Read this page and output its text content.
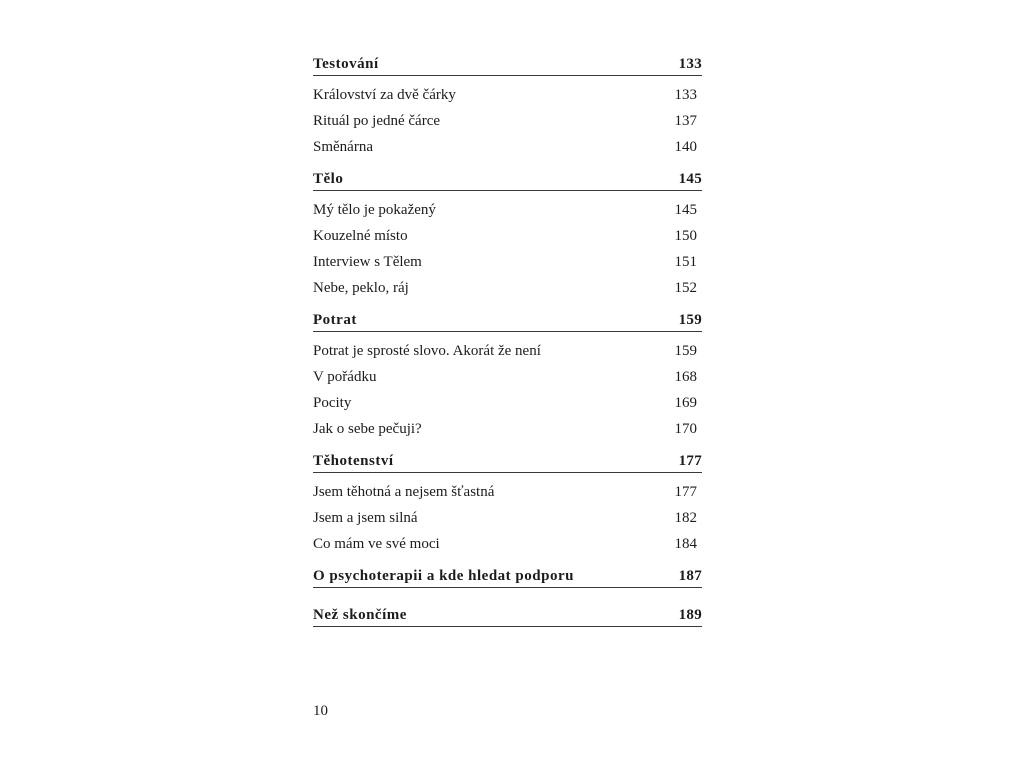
Testování	133
Království za dvě čárky	133
Rituál po jedné čárce	137
Směnárna	140
Tělo	145
Mý tělo je pokažený	145
Kouzelné místo	150
Interview s Tělem	151
Nebe, peklo, ráj	152
Potrat	159
Potrat je sprosté slovo. Akorát že není	159
V pořádku	168
Pocity	169
Jak o sebe pečuji?	170
Těhotenství	177
Jsem těhotná a nejsem šťastná	177
Jsem a jsem silná	182
Co mám ve své moci	184
O psychoterapii a kde hledat podporu	187
Než skončíme	189
10
